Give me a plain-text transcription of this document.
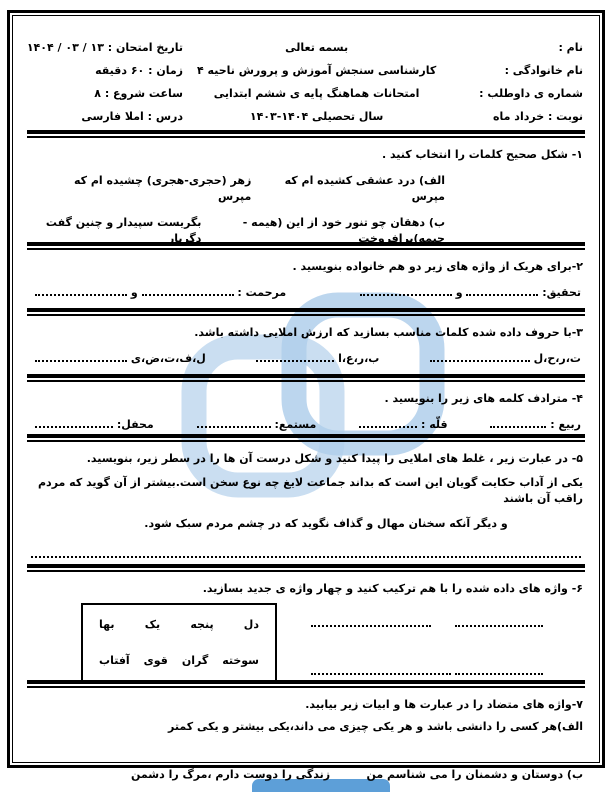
نام :
نام خانوادگی :
شماره ی داوطلب :
نوبت : خرداد ماه
بسمه تعالی
کارشناسی سنجش آموزش و پرورش ناحیه ۴
امتحانات هماهنگ پایه ی ششم ابتدایی
سال تحصیلی ۱۴۰۴-۱۴۰۳
تاریخ امتحان : ۱۳ / ۰۳ / ۱۴۰۴
زمان : ۶۰ دقیقه
ساعت شروع : ۸
درس : املا فارسی
۱- شکل صحیح کلمات را انتخاب کنید .
الف) درد عشقی کشیده ام که مپرس
زهر (حجری-هجری) چشیده ام که مپرس
ب) دهقان چو تنور خود از این (هیمه - حیمه)برافروخت
بگریست سپیدار و چنین گفت دگربار
۲-برای هریک از واژه های زیر دو هم خانواده بنویسید .
تحقیق:  و
مرحمت :  و
۳-با حروف داده شده کلمات مناسب بسازید که ارزش املایی داشته باشد.
ت،ر،ح،ل
ب،ر،ع،ا
ل،ف،ت،ض،ی
۴- مترادف کلمه های زیر را بنویسید .
ربیع :
قلّه :
مستمع:
محفل:
۵- در عبارت زیر ، غلط های املایی را پیدا کنید و شکل درست آن ها را در سطر زیر، بنویسید.
یکی از آداب حکایت گویان این است که بداند جماعت لایغ چه نوع سخن است.بیشتر از آن گوید که مردم راقب آن باشند
و دیگر آنکه سخنان مهال و گذاف نگوید که در چشم مردم سبک شود.
۶- واژه های داده شده را با هم ترکیب کنید و چهار واژه ی جدید بسازید.
دل
پنجه
یک
بها
سوخته
گران
قوی
آفتاب
۷-واژه های متضاد را در عبارت ها و ابیات زیر بیابید.
الف)هر کسی را دانشی باشد و هر یکی چیزی می داند،یکی بیشتر و یکی کمتر
ب) دوستان و دشمنان را می شناسم من
زندگی را دوست دارم ،مرگ را دشمن
